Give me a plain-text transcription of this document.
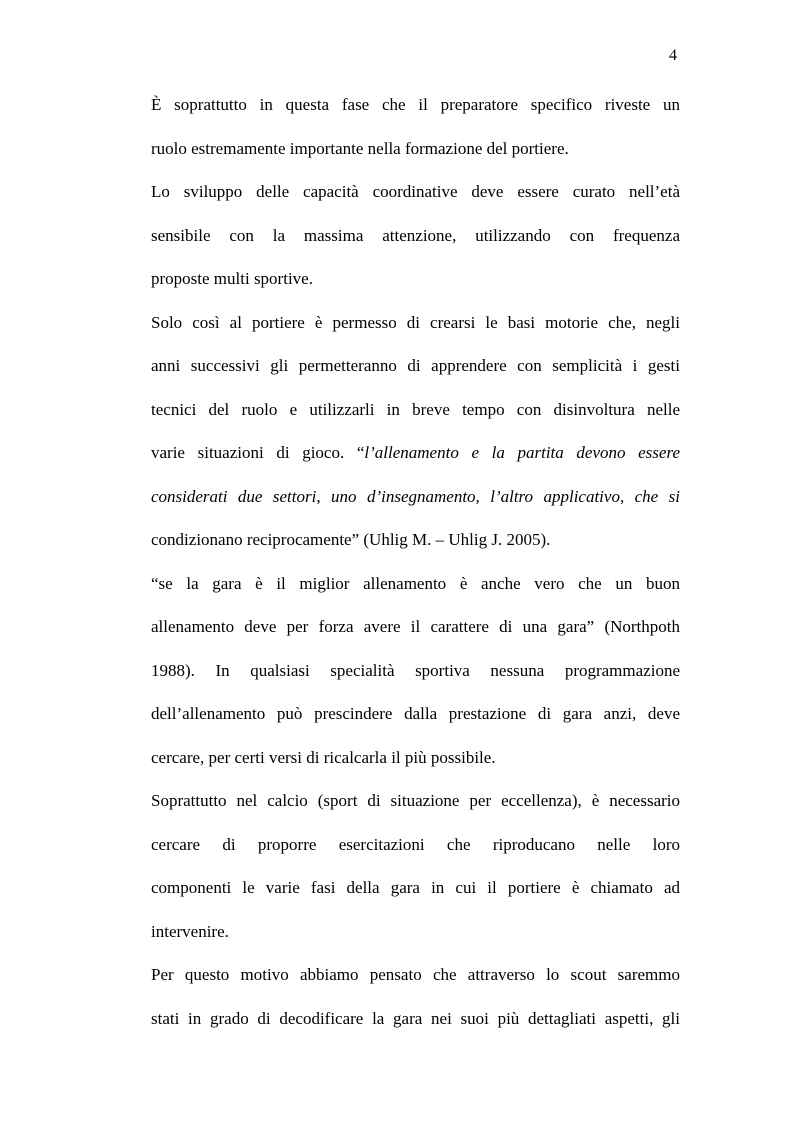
4
È soprattutto in questa fase che il preparatore specifico riveste un
ruolo estremamente importante nella formazione del portiere.
Lo sviluppo delle capacità coordinative deve essere curato nell’età
sensibile con la massima attenzione, utilizzando con frequenza
proposte multi sportive.
Solo così al portiere è permesso di crearsi le basi motorie che, negli
anni successivi gli permetteranno di apprendere con semplicità i gesti
tecnici del ruolo e utilizzarli in breve tempo con disinvoltura nelle
varie situazioni di gioco. “l’allenamento e la partita devono essere
considerati due settori, uno d’insegnamento, l’altro applicativo, che si
condizionano reciprocamente” (Uhlig M. – Uhlig J. 2005).
“se la gara è il miglior allenamento è anche vero che un buon
allenamento deve per forza avere il carattere di una gara” (Northpoth
1988). In qualsiasi specialità sportiva nessuna programmazione
dell’allenamento può prescindere dalla prestazione di gara anzi, deve
cercare, per certi versi di ricalcarla il più possibile.
Soprattutto nel calcio (sport di situazione per eccellenza), è necessario
cercare di proporre esercitazioni che riproducano nelle loro
componenti le varie fasi della gara in cui il portiere è chiamato ad
intervenire.
Per questo motivo abbiamo pensato che attraverso lo scout saremmo
stati in grado di decodificare la gara nei suoi più dettagliati aspetti, gli
